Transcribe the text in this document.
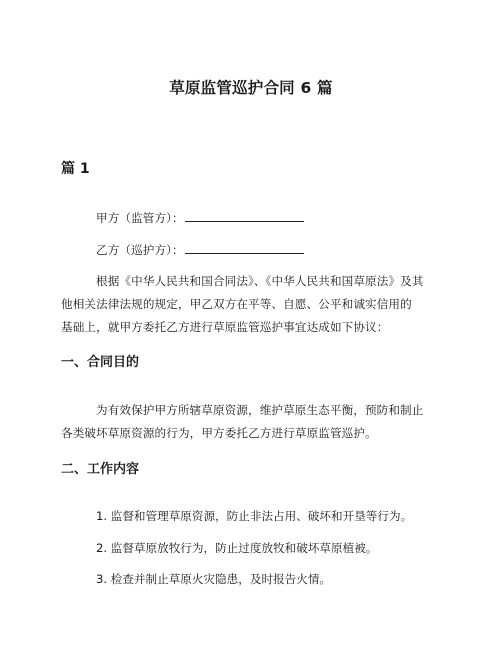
草原监管巡护合同 6 篇
篇 1
甲方（监管方）：
乙方（巡护方）：
根据《中华人民共和国合同法》、《中华人民共和国草原法》及其
他相关法律法规的规定，甲乙双方在平等、自愿、公平和诚实信用的
基础上，就甲方委托乙方进行草原监管巡护事宜达成如下协议：
一、合同目的
为有效保护甲方所辖草原资源，维护草原生态平衡，预防和制止
各类破坏草原资源的行为，甲方委托乙方进行草原监管巡护。
二、工作内容
1. 监督和管理草原资源，防止非法占用、破坏和开垦等行为。
2. 监督草原放牧行为，防止过度放牧和破坏草原植被。
3. 检查并制止草原火灾隐患，及时报告火情。
